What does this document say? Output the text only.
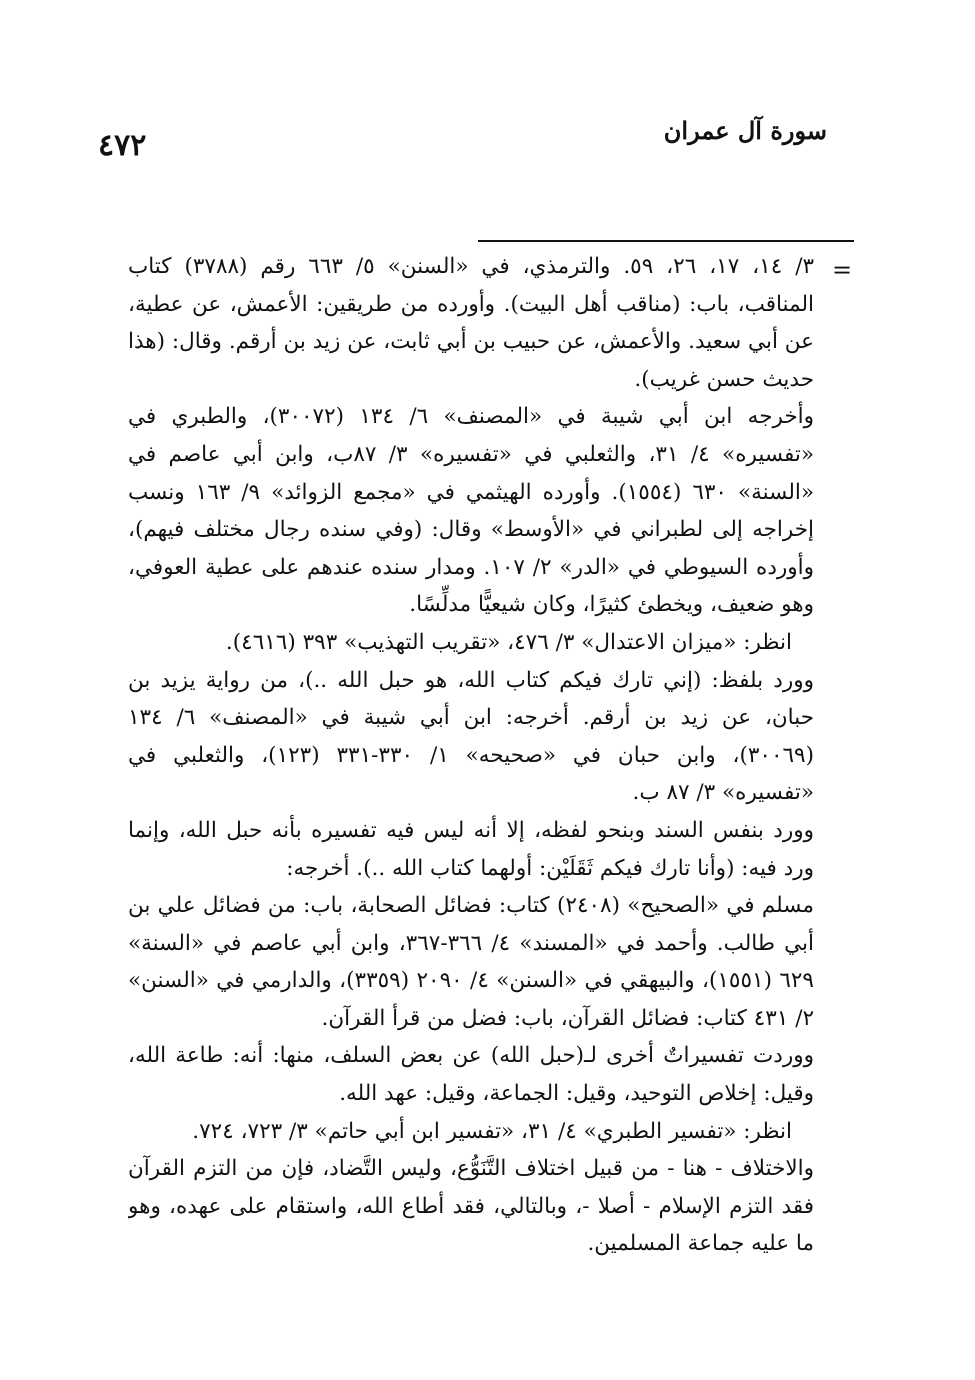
٤٧٢	سورة آل عمران
=

٣/ ١٤، ١٧، ٢٦، ٥٩. والترمذي، في «السنن» ٥/ ٦٦٣ رقم (٣٧٨٨) كتاب المناقب، باب: (مناقب أهل البيت). وأورده من طريقين: الأعمش، عن عطية، عن أبي سعيد. والأعمش، عن حبيب بن أبي ثابت، عن زيد بن أرقم. وقال: (هذا حديث حسن غريب).

وأخرجه ابن أبي شيبة في «المصنف» ٦/ ١٣٤ (٣٠٠٧٢)، والطبري في «تفسيره» ٤/ ٣١، والثعلبي في «تفسيره» ٣/ ٨٧ب، وابن أبي عاصم في «السنة» ٦٣٠ (١٥٥٤). وأورده الهيثمي في «مجمع الزوائد» ٩/ ١٦٣ ونسب إخراجه إلى لطبراني في «الأوسط» وقال: (وفي سنده رجال مختلف فيهم)، وأورده السيوطي في «الدر» ٢/ ١٠٧. ومدار سنده عندهم على عطية العوفي، وهو ضعيف، ويخطئ كثيرًا، وكان شيعيًّا مدلِّسًا.

انظر: «ميزان الاعتدال» ٣/ ٤٧٦، «تقريب التهذيب» ٣٩٣ (٤٦١٦).

وورد بلفظ: (إني تارك فيكم كتاب الله، هو حبل الله ..)، من رواية يزيد بن حبان، عن زيد بن أرقم. أخرجه: ابن أبي شيبة في «المصنف» ٦/ ١٣٤ (٣٠٠٦٩)، وابن حبان في «صحيحه» ١/ ٣٣٠-٣٣١ (١٢٣)، والثعلبي في «تفسيره» ٣/ ٨٧ ب.

وورد بنفس السند وبنحو لفظه، إلا أنه ليس فيه تفسيره بأنه حبل الله، وإنما ورد فيه: (وأنا تارك فيكم ثَقَلَيْن: أولهما كتاب الله ..). أخرجه:

مسلم في «الصحيح» (٢٤٠٨) كتاب: فضائل الصحابة، باب: من فضائل علي بن أبي طالب. وأحمد في «المسند» ٤/ ٣٦٦-٣٦٧، وابن أبي عاصم في «السنة» ٦٢٩ (١٥٥١)، والبيهقي في «السنن» ٤/ ٢٠٩٠ (٣٣٥٩)، والدارمي في «السنن» ٢/ ٤٣١ كتاب: فضائل القرآن، باب: فضل من قرأ القرآن.

ووردت تفسيراتٌ أخرى لـ(حبل الله) عن بعض السلف، منها: أنه: طاعة الله، وقيل: إخلاص التوحيد، وقيل: الجماعة، وقيل: عهد الله.

انظر: «تفسير الطبري» ٤/ ٣١، «تفسير ابن أبي حاتم» ٣/ ٧٢٣، ٧٢٤.

والاختلاف - هنا - من قبيل اختلاف التَّنَوُّع، وليس التَّضاد، فإن من التزم القرآن فقد التزم الإسلام - أصلا -، وبالتالي، فقد أطاع الله، واستقام على عهده، وهو ما عليه جماعة المسلمين.
